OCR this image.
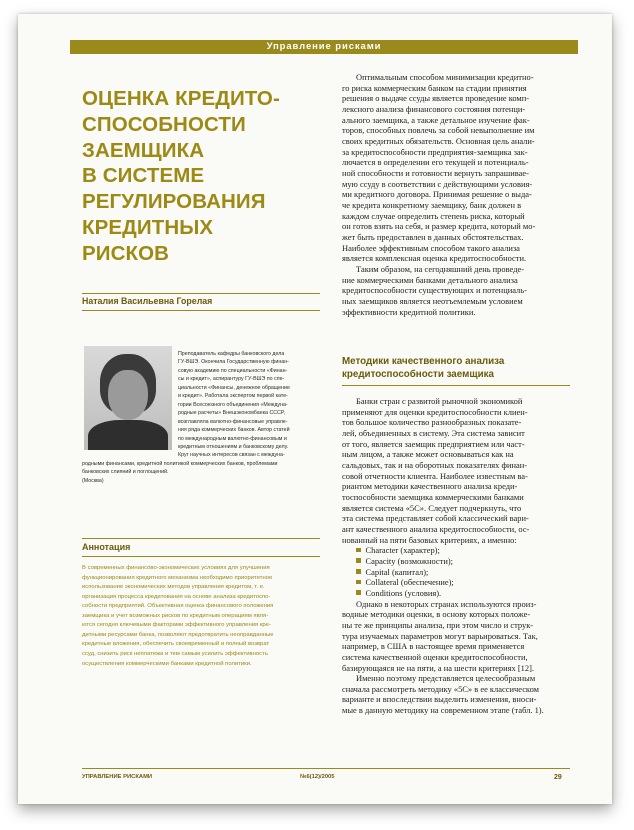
Управление рисками
ОЦЕНКА КРЕДИТО-
СПОСОБНОСТИ
ЗАЕМЩИКА
В СИСТЕМЕ
РЕГУЛИРОВАНИЯ
КРЕДИТНЫХ
РИСКОВ

Наталия Васильевна Горелая

Преподаватель кафедры банковского дела

ГУ-ВШЭ. Окончила Государственную финан-

совую академию по специальности «Финан-

сы и кредит», аспирантуру ГУ-ВШЭ по спе-

циальности «Финансы, денежное обращение

и кредит». Работала экспертом первой кате-

гории Всесоюзного объединения «Междуна-

родные расчеты» Внешэкономбанка СССР,

возглавляла валютно-финансовые управле-

ния ряда коммерческих банков. Автор статей

по международным валютно-финансовым и

кредитным отношениям и банковскому делу.

Круг научных интересов связан с междуна-

родными финансами, кредитной политикой коммерческих банков, проблемами

банковских слияний и поглощений.

(Москва)

Аннотация

В современных финансово-экономических условиях для улучшения

функционирования кредитного механизма необходимо приоритетное

использование экономических методов управления кредитом, т. е.

организация процесса кредитования на основе анализа кредитоспо-

собности предприятий. Объективная оценка финансового положения

заемщика и учет возможных рисков по кредитным операциям явля-

ются сегодня ключевыми факторами эффективного управления кре-

дитными ресурсами банка, позволяют предотвратить неоправданные

кредитные вложения, обеспечить своевременный и полный возврат

ссуд, снизить риск неплатежа и тем самым усилить эффективность

осуществления коммерческими банками кредитной политики.

Оптимальным способом минимизации кредитно-

го риска коммерческим банком на стадии принятия

решения о выдаче ссуды является проведение комп-

лексного анализа финансового состояния потенци-

ального заемщика, а также детальное изучение фак-

торов, способных повлечь за собой невыполнение им

своих кредитных обязательств. Основная цель анали-

за кредитоспособности предприятия-заемщика зак-

лючается в определении его текущей и потенциаль-

ной способности и готовности вернуть запрашивае-

мую ссуду в соответствии с действующими условия-

ми кредитного договора. Принимая решение о выда-

че кредита конкретному заемщику, банк должен в

каждом случае определить степень риска, который

он готов взять на себя, и размер кредита, который мо-

жет быть предоставлен в данных обстоятельствах.

Наиболее эффективным способом такого анализа

является комплексная оценка кредитоспособности.

Таким образом, на сегодняшний день проведе-

ние коммерческими банками детального анализа

кредитоспособности существующих и потенциаль-

ных заемщиков является неотъемлемым условием

эффективности кредитной политики.

Методики качественного анализа

кредитоспособности заемщика

Банки стран с развитой рыночной экономикой

применяют для оценки кредитоспособности клиен-

тов большое количество разнообразных показате-

лей, объединенных в систему. Эта система зависит

от того, является заемщик предприятием или част-

ным лицом, а также может основываться как на

сальдовых, так и на оборотных показателях финан-

совой отчетности клиента. Наиболее известным ва-

риантом методики качественного анализа креди-

тоспособности заемщика коммерческими банками

является система «5С». Следует подчеркнуть, что

эта система представляет собой классический вари-

ант качественного анализа кредитоспособности, ос-

нованный на пяти базовых критериях, а именно:

Character (характер);

Capacity (возможности);

Capital (капитал);

Collateral (обеспечение);

Conditions (условия).

Однако в некоторых странах используются произ-

водные методики оценки, в основу которых положе-

ны те же принципы анализа, при этом число и струк-

тура изучаемых параметров могут варьироваться. Так,

например, в США в настоящее время применяется

система качественной оценки кредитоспособности,

базирующаяся не на пяти, а на шести критериях [12].

Именно поэтому представляется целесообразным

сначала рассмотреть методику «5С» в ее классическом

варианте и впоследствии выделить изменения, вноси-

мые в данную методику на современном этапе (табл. 1).

УПРАВЛЕНИЕ РИСКАМИ	№6(12)/2005	29
